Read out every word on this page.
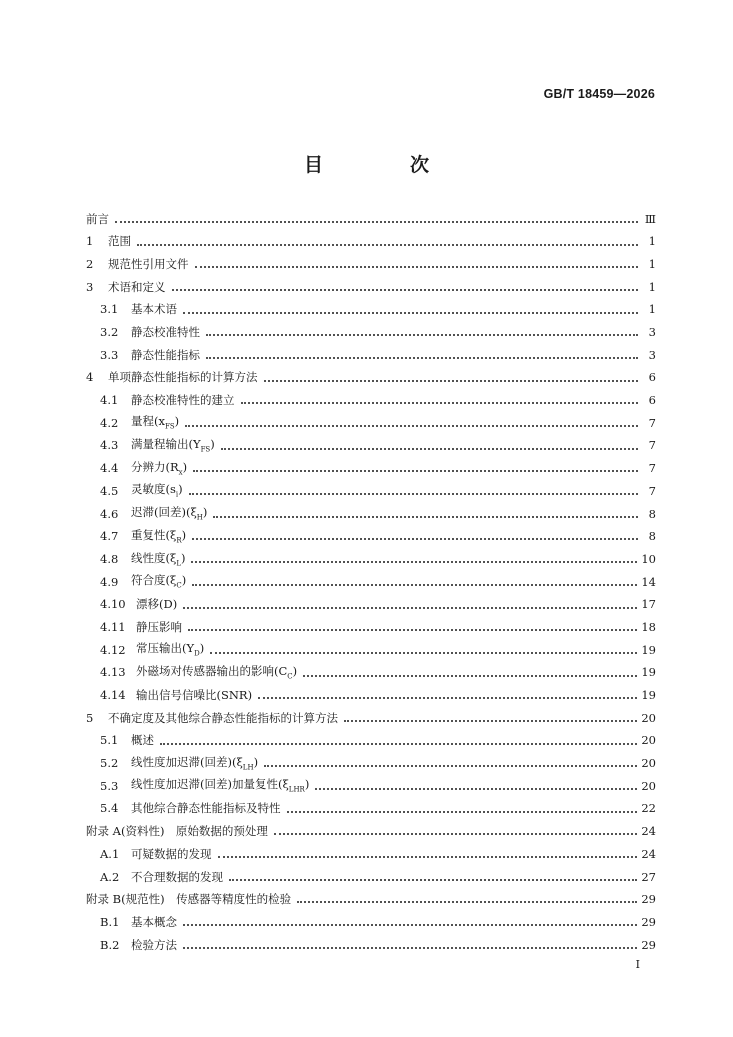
GB/T 18459—2026
目　次
前言	Ⅲ
1	范围	1
2	规范性引用文件	1
3	术语和定义	1
3.1	基本术语	1
3.2	静态校准特性	3
3.3	静态性能指标	3
4	单项静态性能指标的计算方法	6
4.1	静态校准特性的建立	6
4.2	量程$(x_{FS})$	7
4.3	满量程输出$(Y_{FS})$	7
4.4	分辨力$(R_x)$	7
4.5	灵敏度$(s_i)$	7
4.6	迟滞(回差)$(\xi_H)$	8
4.7	重复性$(\xi_R)$	8
4.8	线性度$(\xi_L)$	10
4.9	符合度$(\xi_C)$	14
4.10 漂移(D)	17
4.11 静压影响	18
4.12 常压输出$(Y_D)$	19
4.13 外磁场对传感器输出的影响$(C_C)$	19
4.14 输出信号信噪比(SNR)	19
5	不确定度及其他综合静态性能指标的计算方法	20
5.1	概述	20
5.2	线性度加迟滞(回差)$(\xi_{LH})$	20
5.3	线性度加迟滞(回差)加量复性$(\xi_{LHR})$	20
5.4	其他综合静态性能指标及特性	22
附录 A(资料性)　原始数据的预处理	24
A.1	可疑数据的发现	24
A.2	不合理数据的发现	27
附录 B(规范性)　传感器等精度性的检验	29
B.1	基本概念	29
B.2	检验方法	29
I
